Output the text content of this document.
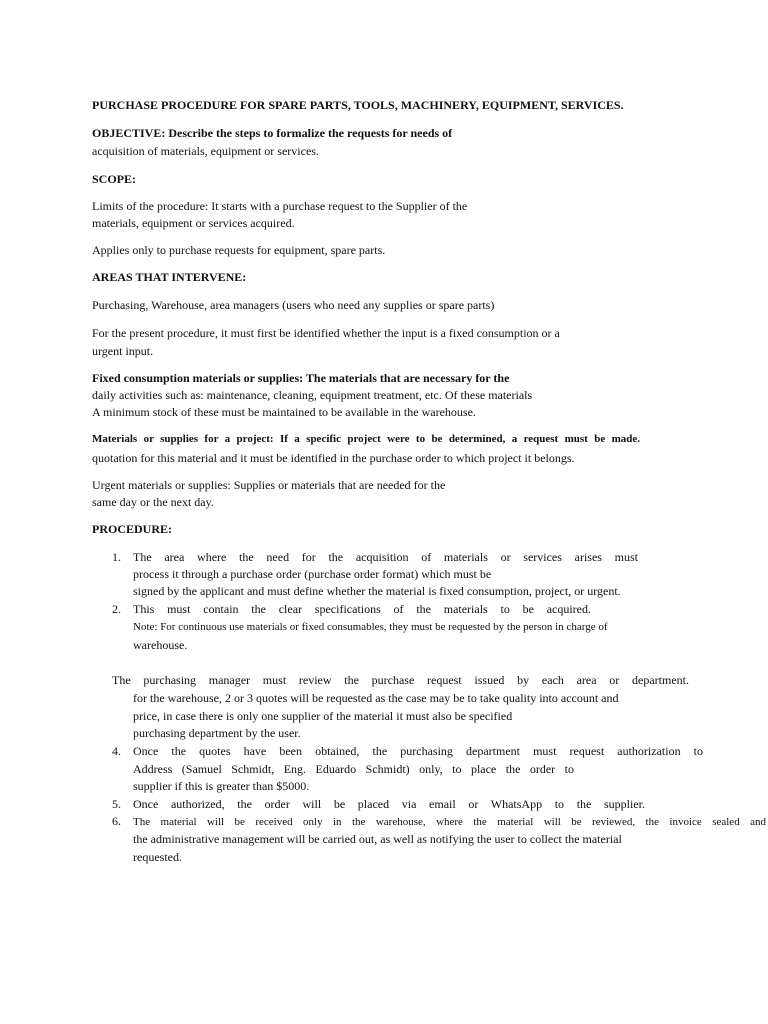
PURCHASE PROCEDURE FOR SPARE PARTS, TOOLS, MACHINERY, EQUIPMENT, SERVICES.
OBJECTIVE: Describe the steps to formalize the requests for needs of
acquisition of materials, equipment or services.
SCOPE:
Limits of the procedure: It starts with a purchase request to the Supplier of the
materials, equipment or services acquired.
Applies only to purchase requests for equipment, spare parts.
AREAS THAT INTERVENE:
Purchasing, Warehouse, area managers (users who need any supplies or spare parts)
For the present procedure, it must first be identified whether the input is a fixed consumption or a
urgent input.
Fixed consumption materials or supplies: The materials that are necessary for the
daily activities such as: maintenance, cleaning, equipment treatment, etc. Of these materials
A minimum stock of these must be maintained to be available in the warehouse.
Materials or supplies for a project: If a specific project were to be determined, a request must be made.
quotation for this material and it must be identified in the purchase order to which project it belongs.
Urgent materials or supplies: Supplies or materials that are needed for the
same day or the next day.
PROCEDURE:
1. The area where the need for the acquisition of materials or services arises must
process it through a purchase order (purchase order format) which must be
signed by the applicant and must define whether the material is fixed consumption, project, or urgent.
2. This must contain the clear specifications of the materials to be acquired.
Note: For continuous use materials or fixed consumables, they must be requested by the person in charge of
warehouse.
The purchasing manager must review the purchase request issued by each area or department.
for the warehouse, 2 or 3 quotes will be requested as the case may be to take quality into account and
price, in case there is only one supplier of the material it must also be specified
purchasing department by the user.
4. Once the quotes have been obtained, the purchasing department must request authorization to
Address (Samuel Schmidt, Eng. Eduardo Schmidt) only, to place the order to
supplier if this is greater than $5000.
5. Once authorized, the order will be placed via email or WhatsApp to the supplier.
6. The material will be received only in the warehouse, where the material will be reviewed, the invoice sealed and
the administrative management will be carried out, as well as notifying the user to collect the material
requested.
